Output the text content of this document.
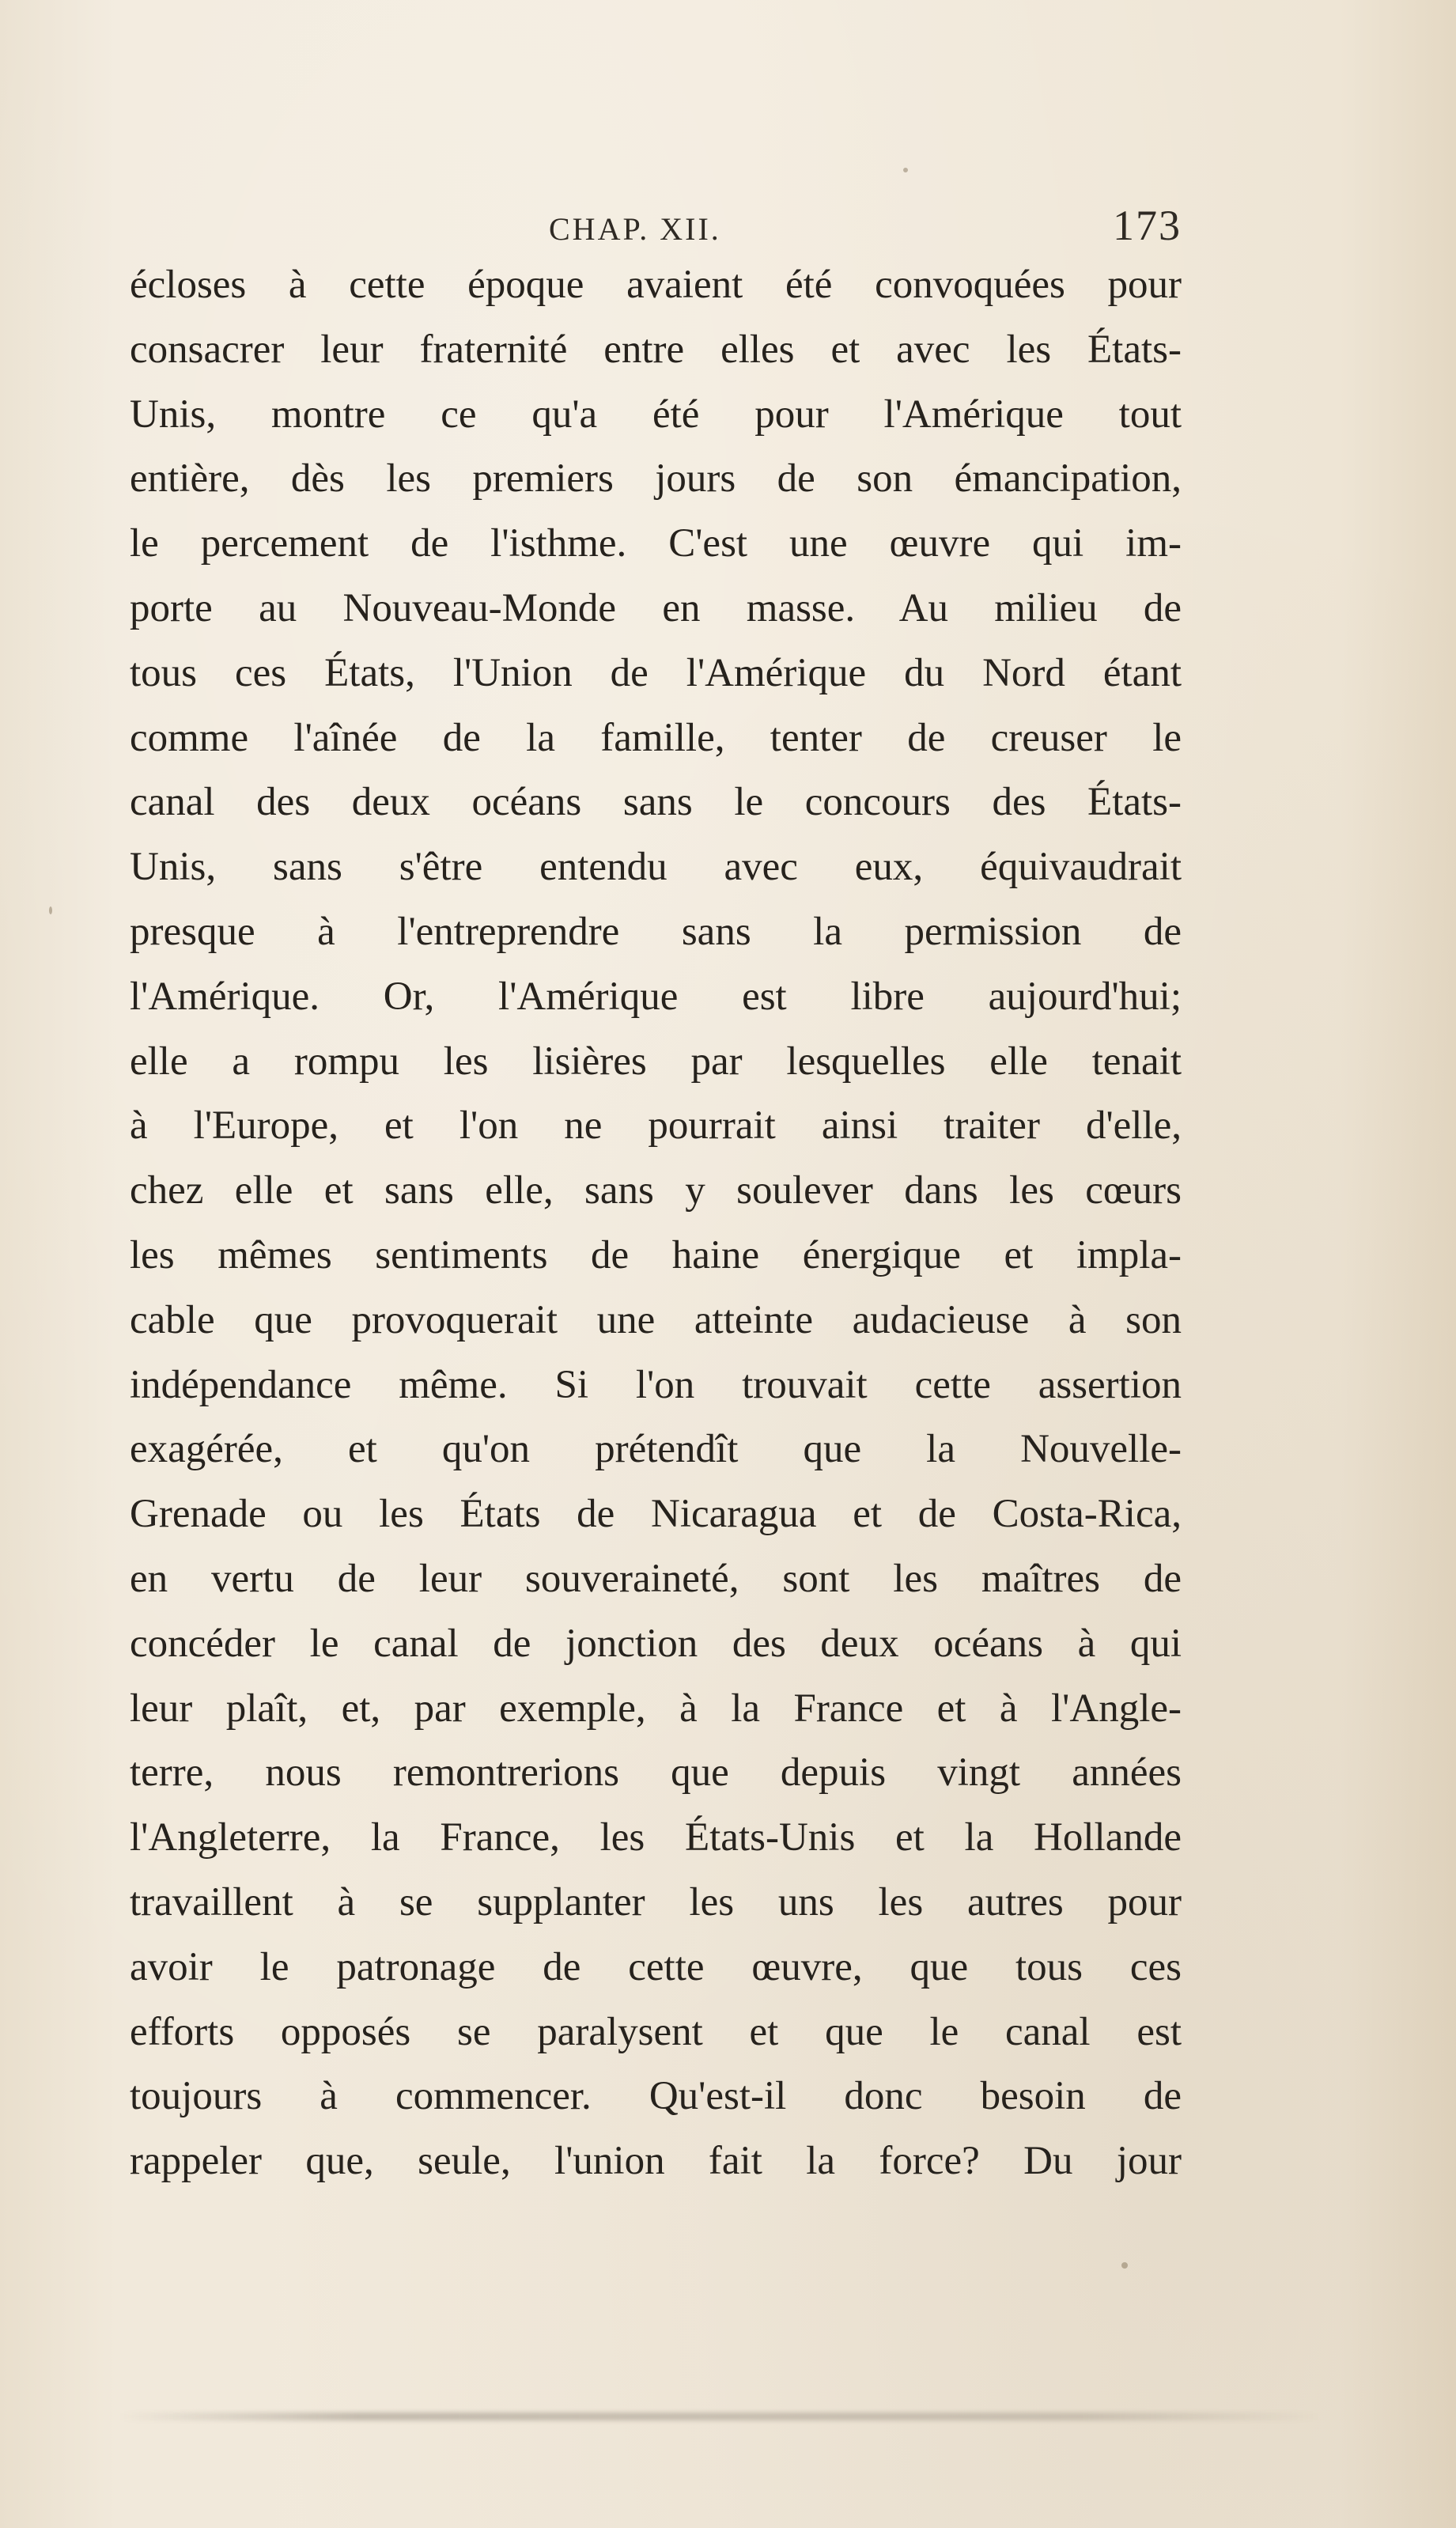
CHAP. XII.	173
écloses à cette époque avaient été convoquées pour
consacrer leur fraternité entre elles et avec les États-
Unis, montre ce qu'a été pour l'Amérique tout
entière, dès les premiers jours de son émancipation,
le percement de l'isthme. C'est une œuvre qui im-
porte au Nouveau-Monde en masse. Au milieu de
tous ces États, l'Union de l'Amérique du Nord étant
comme l'aînée de la famille, tenter de creuser le
canal des deux océans sans le concours des États-
Unis, sans s'être entendu avec eux, équivaudrait
presque à l'entreprendre sans la permission de
l'Amérique. Or, l'Amérique est libre aujourd'hui;
elle a rompu les lisières par lesquelles elle tenait
à l'Europe, et l'on ne pourrait ainsi traiter d'elle,
chez elle et sans elle, sans y soulever dans les cœurs
les mêmes sentiments de haine énergique et impla-
cable que provoquerait une atteinte audacieuse à son
indépendance même. Si l'on trouvait cette assertion
exagérée, et qu'on prétendît que la Nouvelle-
Grenade ou les États de Nicaragua et de Costa-Rica,
en vertu de leur souveraineté, sont les maîtres de
concéder le canal de jonction des deux océans à qui
leur plaît, et, par exemple, à la France et à l'Angle-
terre, nous remontrerions que depuis vingt années
l'Angleterre, la France, les États-Unis et la Hollande
travaillent à se supplanter les uns les autres pour
avoir le patronage de cette œuvre, que tous ces
efforts opposés se paralysent et que le canal est
toujours à commencer. Qu'est-il donc besoin de
rappeler que, seule, l'union fait la force? Du jour
